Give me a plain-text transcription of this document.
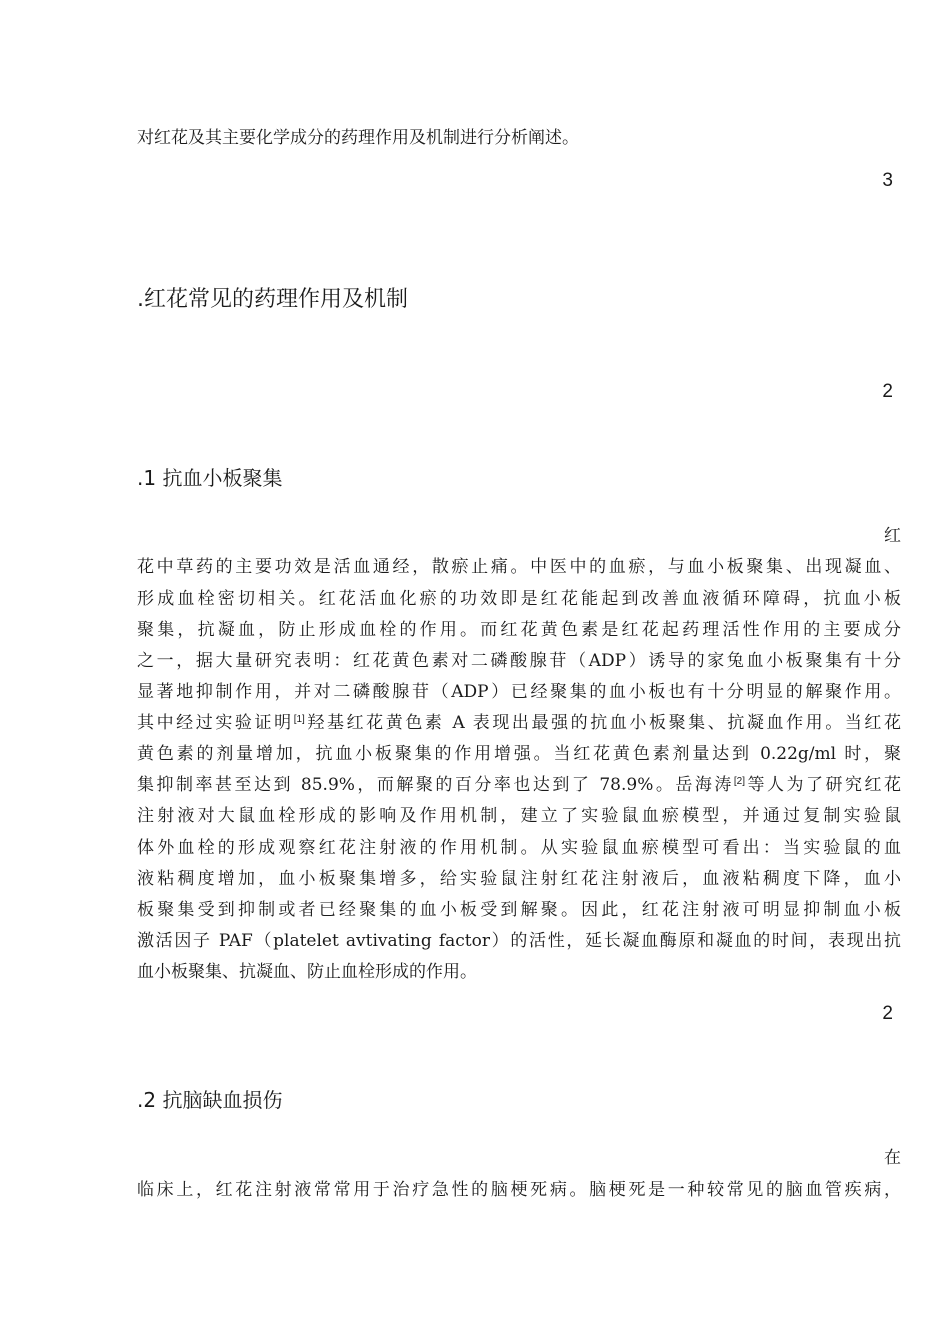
对红花及其主要化学成分的药理作用及机制进行分析阐述。
3
.红花常见的药理作用及机制
2
.1 抗血小板聚集
红
花中草药的主要功效是活血通经，散瘀止痛。中医中的血瘀，与血小板聚集、出现凝血、
形成血栓密切相关。红花活血化瘀的功效即是红花能起到改善血液循环障碍，抗血小板
聚集，抗凝血，防止形成血栓的作用。而红花黄色素是红花起药理活性作用的主要成分
之一，据大量研究表明：红花黄色素对二磷酸腺苷（ADP）诱导的家兔血小板聚集有十分
显著地抑制作用，并对二磷酸腺苷（ADP）已经聚集的血小板也有十分明显的解聚作用。
其中经过实验证明[1]羟基红花黄色素 A 表现出最强的抗血小板聚集、抗凝血作用。当红花
黄色素的剂量增加，抗血小板聚集的作用增强。当红花黄色素剂量达到 0.22g/ml 时，聚
集抑制率甚至达到 85.9%，而解聚的百分率也达到了 78.9%。岳海涛[2]等人为了研究红花
注射液对大鼠血栓形成的影响及作用机制，建立了实验鼠血瘀模型，并通过复制实验鼠
体外血栓的形成观察红花注射液的作用机制。从实验鼠血瘀模型可看出：当实验鼠的血
液粘稠度增加，血小板聚集增多，给实验鼠注射红花注射液后，血液粘稠度下降，血小
板聚集受到抑制或者已经聚集的血小板受到解聚。因此，红花注射液可明显抑制血小板
激活因子 PAF（platelet avtivating factor）的活性，延长凝血酶原和凝血的时间，表现出抗
血小板聚集、抗凝血、防止血栓形成的作用。
2
.2 抗脑缺血损伤
在
临床上，红花注射液常常用于治疗急性的脑梗死病。脑梗死是一种较常见的脑血管疾病，
